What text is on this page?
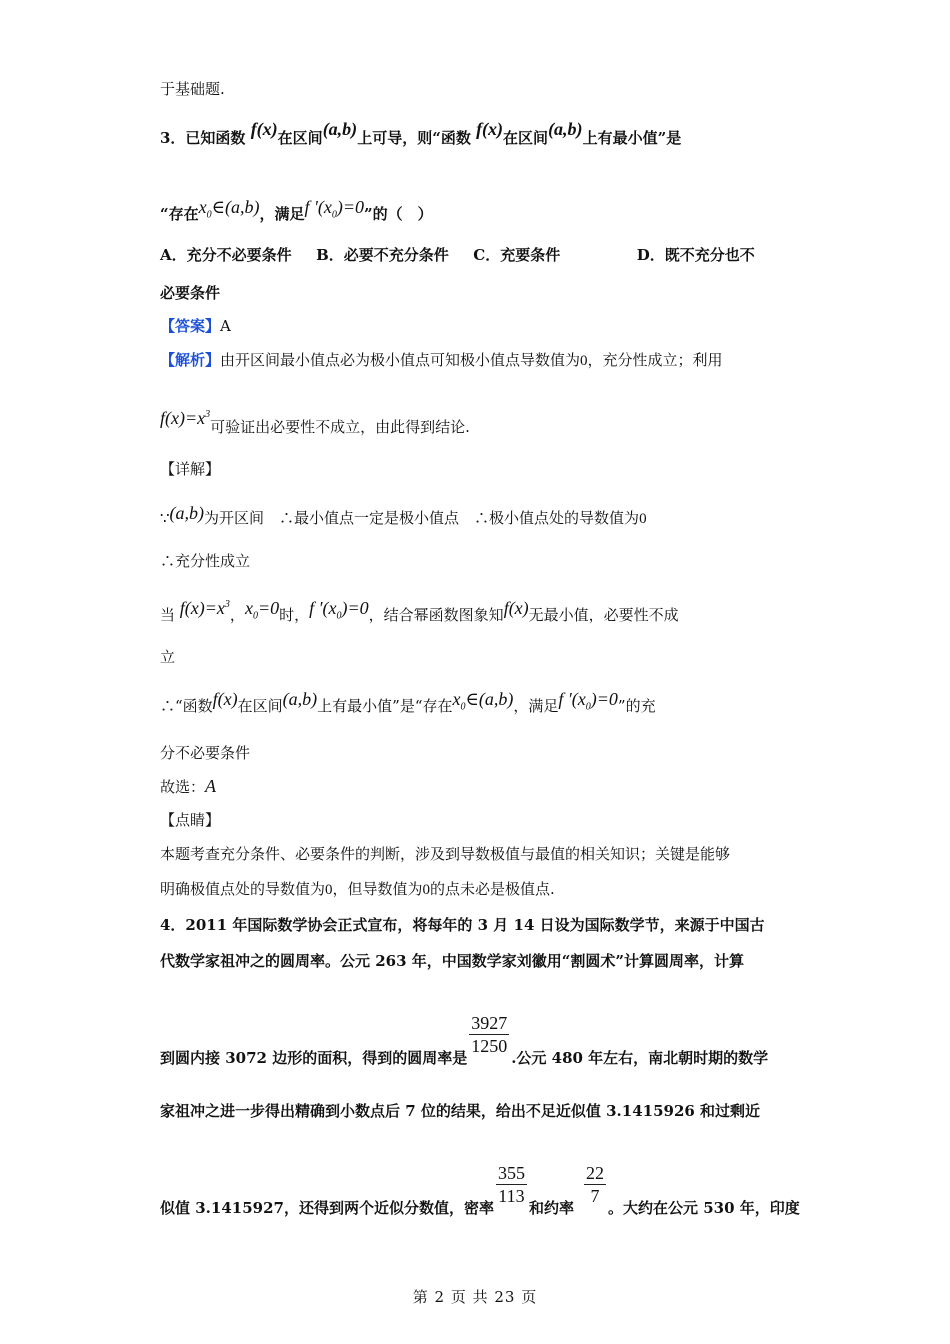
于基础题.
3．已知函数 f(x)在区间(a,b)上可导，则“函数 f(x)在区间(a,b)上有最小值”是
“存在$x_0\in(a,b)$，满足f $'(x_0)=0$”的（　）
A．充分不必要条件 B．必要不充分条件 C．充要条件	D．既不充分也不
必要条件
【答案】A
【解析】由开区间最小值点必为极小值点可知极小值点导数值为0，充分性成立；利用
$f(x)=x^3$可验证出必要性不成立，由此得到结论.
【详解】
∵(a,b)为开区间　∴最小值点一定是极小值点　∴极小值点处的导数值为0
∴充分性成立
当 $f(x)=x^3$，$x_0=0$时，f $'(x_0)=0$，结合幂函数图象知f(x)无最小值，必要性不成
立
∴“函数f(x)在区间(a,b)上有最小值”是“存在$x_0\in(a,b)$，满足f $'(x_0)=0$”的充
分不必要条件
故选：A
【点睛】
本题考查充分条件、必要条件的判断，涉及到导数极值与最值的相关知识；关键是能够
明确极值点处的导数值为0，但导数值为0的点未必是极值点.
4．2011 年国际数学协会正式宣布，将每年的 3 月 14 日设为国际数学节，来源于中国古
代数学家祖冲之的圆周率。公元 263 年，中国数学家刘徽用“割圆术”计算圆周率，计算
到圆内接 3072 边形的面积，得到的圆周率是
$\frac{3927}{1250}$
.公元 480 年左右，南北朝时期的数学
家祖冲之进一步得出精确到小数点后 7 位的结果，给出不足近似值 3.1415926 和过剩近
似值 3.1415927，还得到两个近似分数值，密率
$\frac{355}{113}$
和约率
$\frac{22}{7}$
。大约在公元 530 年，印度
第 2 页 共 23 页
